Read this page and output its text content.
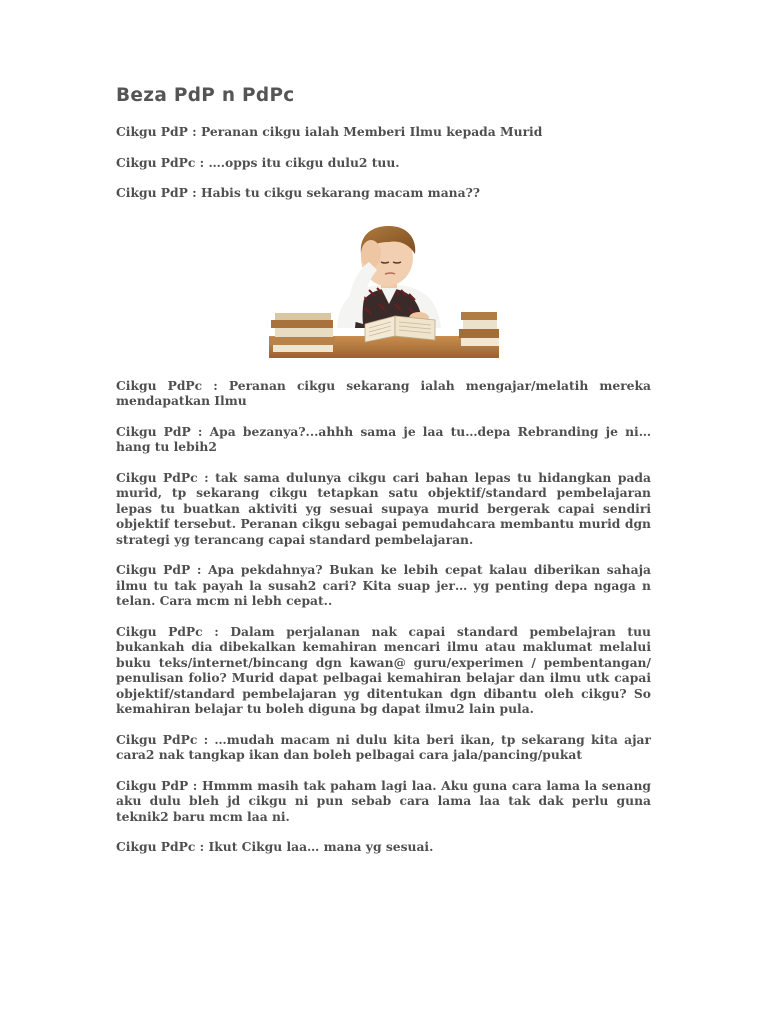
Beza PdP n PdPc

Cikgu PdP : Peranan cikgu ialah Memberi Ilmu kepada Murid

Cikgu PdPc : ….opps itu cikgu dulu2 tuu.

Cikgu PdP : Habis tu cikgu sekarang macam mana??

Cikgu PdPc : Peranan cikgu sekarang ialah mengajar/melatih mereka mendapatkan Ilmu

Cikgu PdP : Apa bezanya?...ahhh sama je laa tu…depa Rebranding je ni…hang tu lebih2

Cikgu PdPc : tak sama dulunya cikgu cari bahan lepas tu hidangkan pada murid, tp sekarang cikgu tetapkan satu objektif/standard pembelajaran lepas tu buatkan aktiviti yg sesuai supaya murid bergerak capai sendiri objektif tersebut. Peranan cikgu sebagai pemudahcara membantu murid dgn strategi yg terancang capai standard pembelajaran.

Cikgu PdP : Apa pekdahnya? Bukan ke lebih cepat kalau diberikan sahaja ilmu tu tak payah la susah2 cari? Kita suap jer… yg penting depa ngaga n telan. Cara mcm ni lebh cepat..

Cikgu PdPc : Dalam perjalanan nak capai standard pembelajran tuu bukankah dia dibekalkan kemahiran mencari ilmu atau maklumat melalui buku teks/internet/bincang dgn kawan@ guru/experimen / pembentangan/ penulisan folio? Murid dapat pelbagai kemahiran belajar dan ilmu utk capai objektif/standard pembelajaran yg ditentukan dgn dibantu oleh cikgu? So kemahiran belajar tu boleh diguna bg dapat ilmu2 lain pula.

Cikgu PdPc : …mudah macam ni dulu kita beri ikan, tp sekarang kita ajar cara2 nak tangkap ikan dan boleh pelbagai cara jala/pancing/pukat

Cikgu PdP : Hmmm masih tak paham lagi laa. Aku guna cara lama la senang aku dulu bleh jd cikgu ni pun sebab cara lama laa tak dak perlu guna teknik2 baru mcm laa ni.

Cikgu PdPc : Ikut Cikgu laa… mana yg sesuai.
